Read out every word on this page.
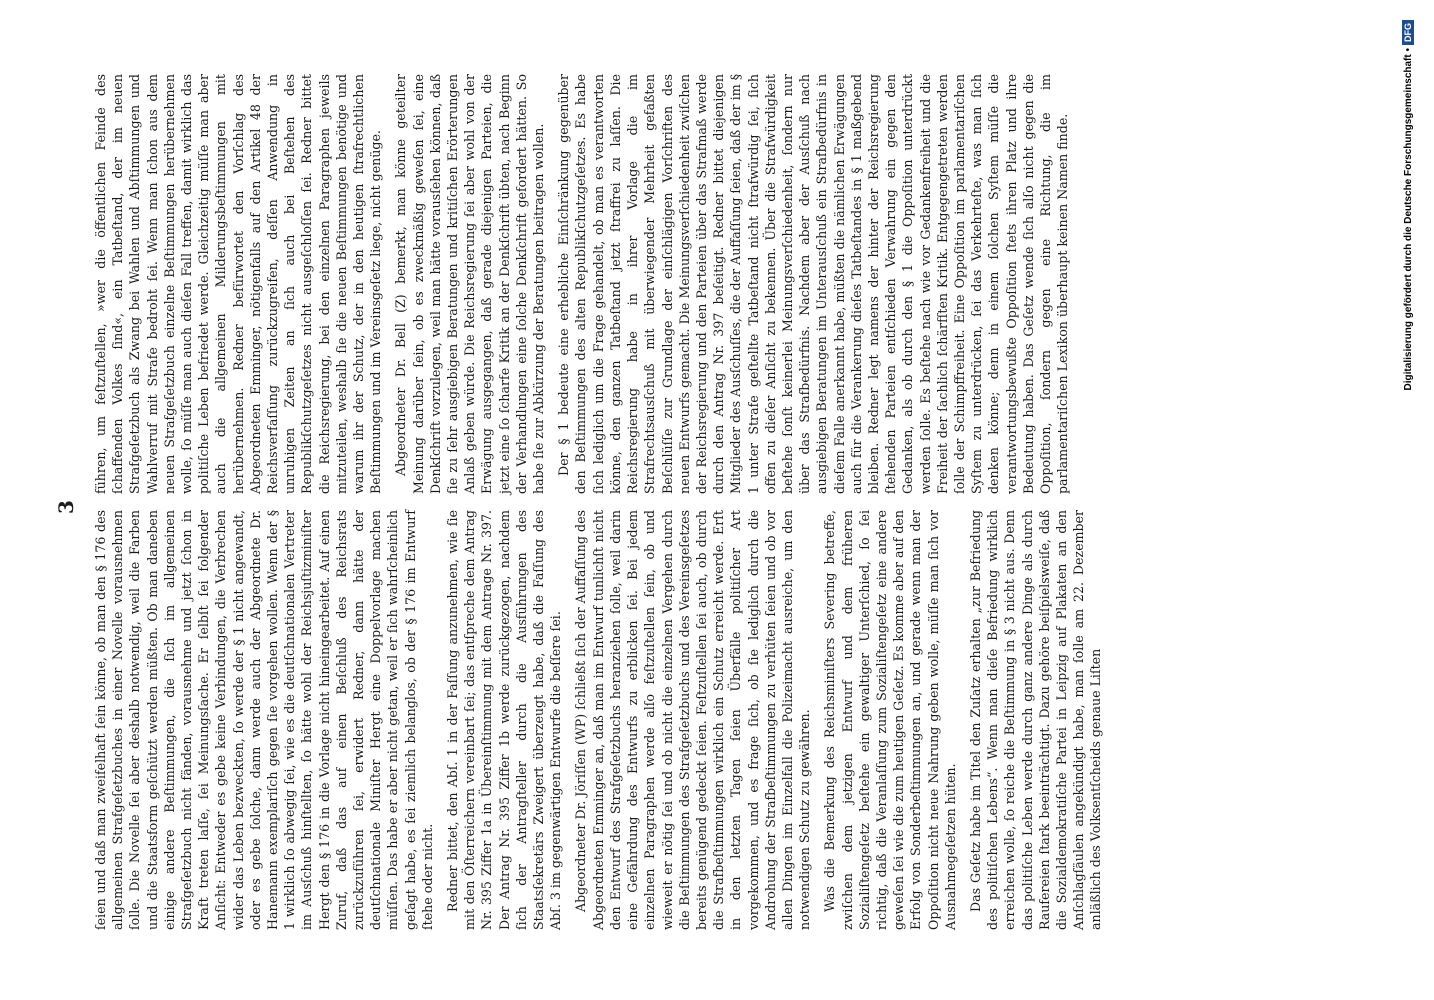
3

ſeien und daß man zweifelhaft ſein könne, ob man den § 176 des allgemeinen Strafgeſetzbuches in einer Novelle vorausnehmen ſolle. Die Novelle ſei aber deshalb notwendig, weil die Farben und die Staatsform geſchützt werden müßten. Ob man daneben einige andere Beſtimmungen, die ſich im allgemeinen Strafgeſetzbuch nicht fänden, vorausnehme und jetzt ſchon in Kraft treten laſſe, ſei Meinungsſache. Er ſelbſt ſei folgender Anſicht: Entweder es gebe keine Verbindungen, die Verbrechen wider das Leben bezweckten, ſo werde der § 1 nicht angewandt, oder es gebe ſolche, dann werde auch der Abgeordnete Dr. Hanemann exemplariſch gegen ſie vorgehen wollen. Wenn der § 1 wirklich ſo abwegig ſei, wie es die deutſchnationalen Vertreter im Ausſchuß hinſtellten, ſo hätte wohl der Reichsjuſtizminiſter Hergt den § 176 in die Vorlage nicht hineingearbeitet. Auf einen Zuruf, daß das auf einen Beſchluß des Reichsrats zurückzuführen ſei, erwidert Redner, dann hätte der deutſchnationale Miniſter Hergt eine Doppelvorlage machen müſſen. Das habe er aber nicht getan, weil er ſich wahrſcheinlich geſagt habe, es ſei ziemlich belanglos, ob der § 176 im Entwurf ſtehe oder nicht. Redner bittet, den Abſ. 1 in der Faſſung anzunehmen, wie ſie mit den Öſterreichern vereinbart ſei; das entſpreche dem Antrag Nr. 395 Ziffer 1a in Übereinſtimmung mit dem Antrage Nr. 397. Der Antrag Nr. 395 Ziffer 1b werde zurückgezogen, nachdem ſich der Antragſteller durch die Ausführungen des Staatsſekretärs Zweigert überzeugt habe, daß die Faſſung des Abſ. 3 im gegenwärtigen Entwurfe die beſſere ſei. Abgeordneter Dr. Jöriſſen (WP) ſchließt ſich der Auffaſſung des Abgeordneten Emminger an, daß man im Entwurf tunlichſt nicht den Entwurf des Strafgeſetzbuchs heranziehen ſolle, weil darin eine Gefährdung des Entwurfs zu erblicken ſei. Bei jedem einzelnen Paragraphen werde alſo feſtzuſtellen ſein, ob und wieweit er nötig ſei und ob nicht die einzelnen Vergehen durch die Beſtimmungen des Strafgeſetzbuchs und des Vereinsgeſetzes bereits genügend gedeckt ſeien. Feſtzuſtellen ſei auch, ob durch die Strafbeſtimmungen wirklich ein Schutz erreicht werde. Erſt in den letzten Tagen ſeien Überfälle politiſcher Art vorgekommen, und es frage ſich, ob ſie lediglich durch die Androhung der Strafbeſtimmungen zu verhüten ſeien und ob vor allen Dingen im Einzelfall die Polizeimacht ausreiche, um den notwendigen Schutz zu gewähren. Was die Bemerkung des Reichsminiſters Severing betreffe, zwiſchen dem jetzigen Entwurf und dem früheren Sozialiſtengeſetz beſtehe ein gewaltiger Unterſchied, ſo ſei richtig, daß die Veranlaſſung zum Sozialiſtengeſetz eine andere geweſen ſei wie die zum heutigen Geſetz. Es komme aber auf den Erfolg von Sonderbeſtimmungen an, und gerade wenn man der Oppoſition nicht neue Nahrung geben wolle, müſſe man ſich vor Ausnahmegeſetzen hüten. Das Geſetz habe im Titel den Zuſatz erhalten „zur Befriedung des politiſchen Lebens“. Wenn man dieſe Befriedung wirklich erreichen wolle, ſo reiche die Beſtimmung in § 3 nicht aus. Denn das politiſche Leben werde durch ganz andere Dinge als durch Raufereien ſtark beeinträchtigt. Dazu gehöre beiſpielsweiſe, daß die Sozialdemokratiſche Partei in Leipzig auf Plakaten an den Anſchlagſäulen angekündigt habe, man ſolle am 22. Dezember anläßlich des Volksentſcheids genaue Liſten

führen, um feſtzuſtellen, »wer die öffentlichen Feinde des ſchaffenden Volkes ſind«, ein Tatbeſtand, der im neuen Strafgeſetzbuch als Zwang bei Wahlen und Abſtimmungen und Wahlverruf mit Strafe bedroht ſei. Wenn man ſchon aus dem neuen Strafgeſetzbuch einzelne Beſtimmungen herübernehmen wolle, ſo müſſe man auch dieſen Fall treffen, damit wirklich das politiſche Leben befriedet werde. Gleichzeitig müſſe man aber auch die allgemeinen Milderungsbeſtimmungen mit herübernehmen. Redner befürwortet den Vorſchlag des Abgeordneten Emminger, nötigenfalls auf den Artikel 48 der Reichsverfaſſung zurückzugreifen, deſſen Anwendung in unruhigen Zeiten an ſich auch bei Beſtehen des Republikſchutzgeſetzes nicht ausgeſchloſſen ſei. Redner bittet die Reichsregierung, bei den einzelnen Paragraphen jeweils mitzuteilen, weshalb ſie die neuen Beſtimmungen benötige und warum ihr der Schutz, der in den heutigen ſtrafrechtlichen Beſtimmungen und im Vereinsgeſetz liege, nicht genüge. Abgeordneter Dr. Bell (Z) bemerkt, man könne geteilter Meinung darüber ſein, ob es zweckmäßig geweſen ſei, eine Denkſchrift vorzulegen, weil man hätte vorausſehen können, daß ſie zu ſehr ausgiebigen Beratungen und kritiſchen Erörterungen Anlaß geben würde. Die Reichsregierung ſei aber wohl von der Erwägung ausgegangen, daß gerade diejenigen Parteien, die jetzt eine ſo ſcharfe Kritik an der Denkſchrift übten, nach Beginn der Verhandlungen eine ſolche Denkſchrift gefordert hätten. So habe ſie zur Abkürzung der Beratungen beitragen wollen. Der § 1 bedeute eine erhebliche Einſchränkung gegenüber den Beſtimmungen des alten Republikſchutzgeſetzes. Es habe ſich lediglich um die Frage gehandelt, ob man es verantworten könne, den ganzen Tatbeſtand jetzt ſtraffrei zu laſſen. Die Reichsregierung habe in ihrer Vorlage die im Strafrechtsausſchuß mit überwiegender Mehrheit gefaßten Beſchlüſſe zur Grundlage der einſchlägigen Vorſchriften des neuen Entwurfs gemacht. Die Meinungsverſchiedenheit zwiſchen der Reichsregierung und den Parteien über das Strafmaß werde durch den Antrag Nr. 397 beſeitigt. Redner bittet diejenigen Mitglieder des Ausſchuſſes, die der Auffaſſung ſeien, daß der im § 1 unter Strafe geſtellte Tatbeſtand nicht ſtrafwürdig ſei, ſich offen zu dieſer Anſicht zu bekennen. Über die Strafwürdigkeit beſtehe ſonſt keinerlei Meinungsverſchiedenheit, ſondern nur über das Strafbedürfnis. Nachdem aber der Ausſchuß nach ausgiebigen Beratungen im Unterausſchuß ein Strafbedürfnis in dieſem Falle anerkannt habe, müßten die nämlichen Erwägungen auch für die Verankerung dieſes Tatbeſtandes in § 1 maßgebend bleiben. Redner legt namens der hinter der Reichsregierung ſtehenden Parteien entſchieden Verwahrung ein gegen den Gedanken, als ob durch den § 1 die Oppoſition unterdrückt werden ſolle. Es beſtehe nach wie vor Gedankenfreiheit und die Freiheit der ſachlich ſchärfſten Kritik. Entgegengetreten werden ſolle der Schimpffreiheit. Eine Oppoſition im parlamentariſchen Syſtem zu unterdrücken, ſei das Verkehrteſte, was man ſich denken könne; denn in einem ſolchen Syſtem müſſe die verantwortungsbewußte Oppoſition ſtets ihren Platz und ihre Bedeutung haben. Das Geſetz wende ſich alſo nicht gegen die Oppoſition, ſondern gegen eine Richtung, die im parlamentariſchen Lexikon überhaupt keinen Namen finde.	Digitalisierung gefördert durch die Deutsche Forschungsgemeinschaft •DFG
